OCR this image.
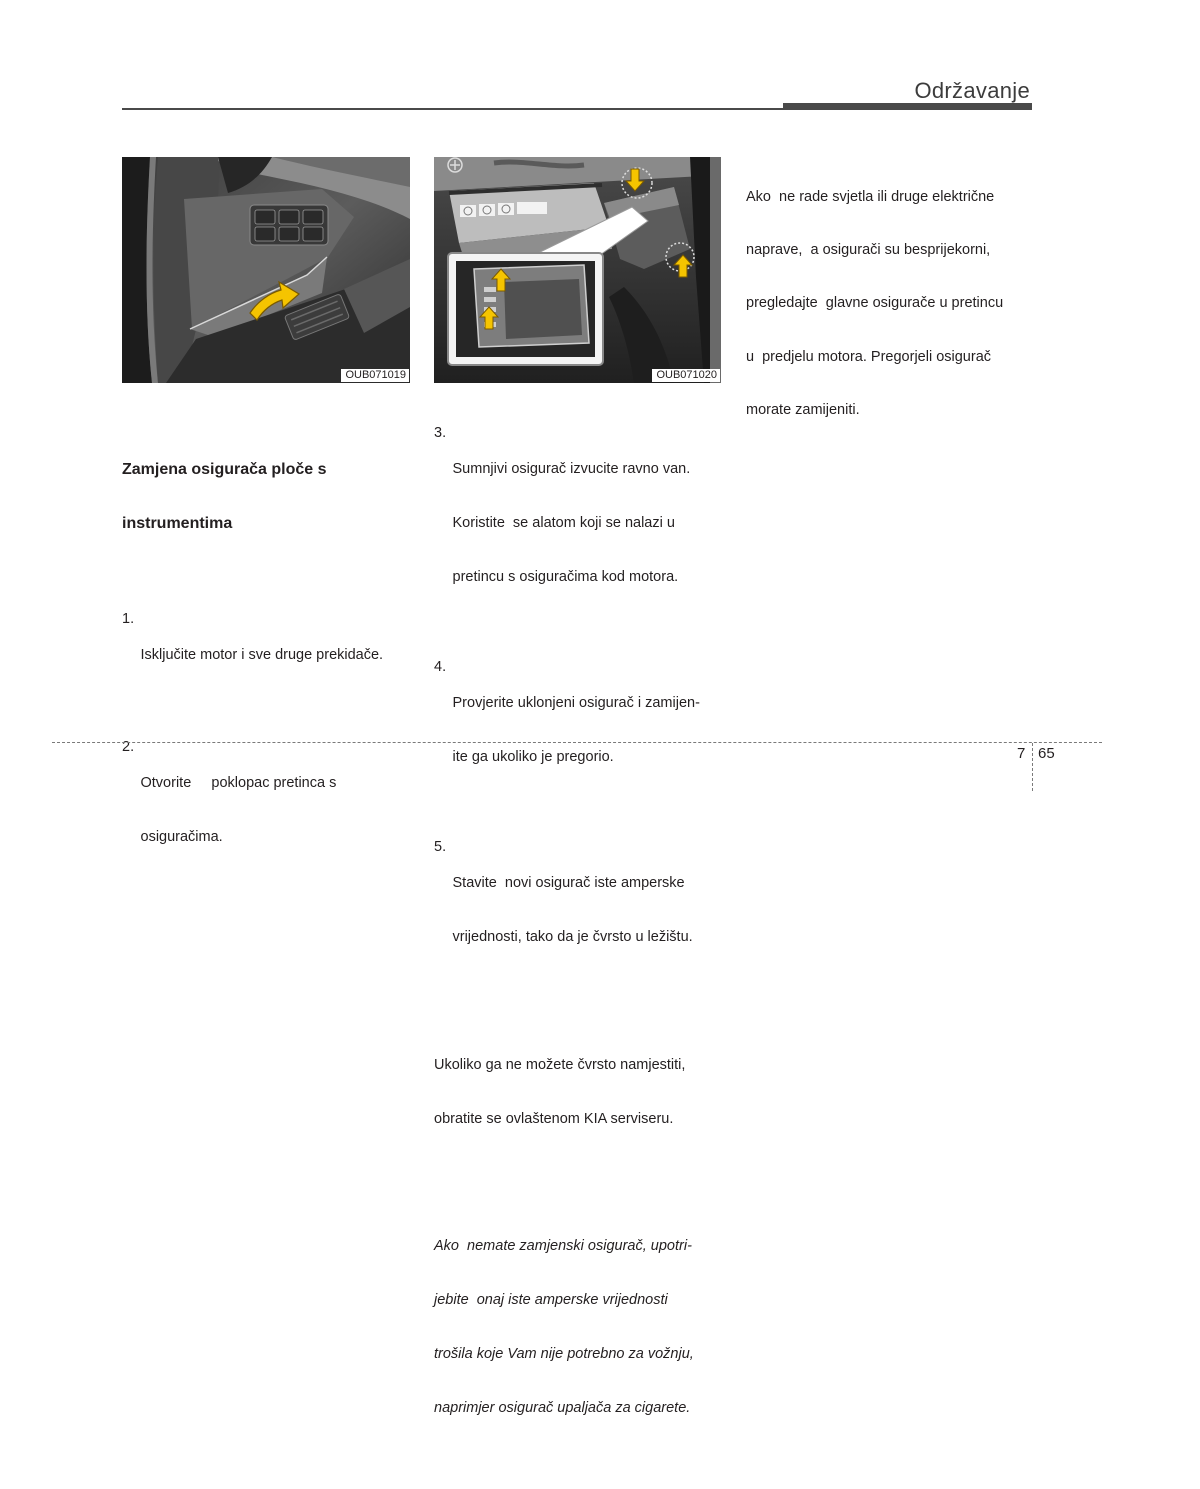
Održavanje
OUB071019	OUB071020

Zamjena osigurača ploče s

instrumentima

1.

Isključite motor i sve druge prekidače.

2.

Otvorite     poklopac pretinca s

osiguračima.

3.

Sumnjivi osigurač izvucite ravno van.

Koristite  se alatom koji se nalazi u

pretincu s osiguračima kod motora.

4.

Provjerite uklonjeni osigurač i zamijen-

ite ga ukoliko je pregorio.

5.

Stavite  novi osigurač iste amperske

vrijednosti, tako da je čvrsto u ležištu.

Ukoliko ga ne možete čvrsto namjestiti,

obratite se ovlaštenom KIA serviseru.

Ako  nemate zamjenski osigurač, upotri-

jebite  onaj iste amperske vrijednosti

trošila koje Vam nije potrebno za vožnju,

naprimjer osigurač upaljača za cigarete.

Ako  ne rade svjetla ili druge električne

naprave,  a osigurači su besprijekorni,

pregledajte  glavne osigurače u pretincu

u  predjelu motora. Pregorjeli osigurač

morate zamijeniti.

7 65
